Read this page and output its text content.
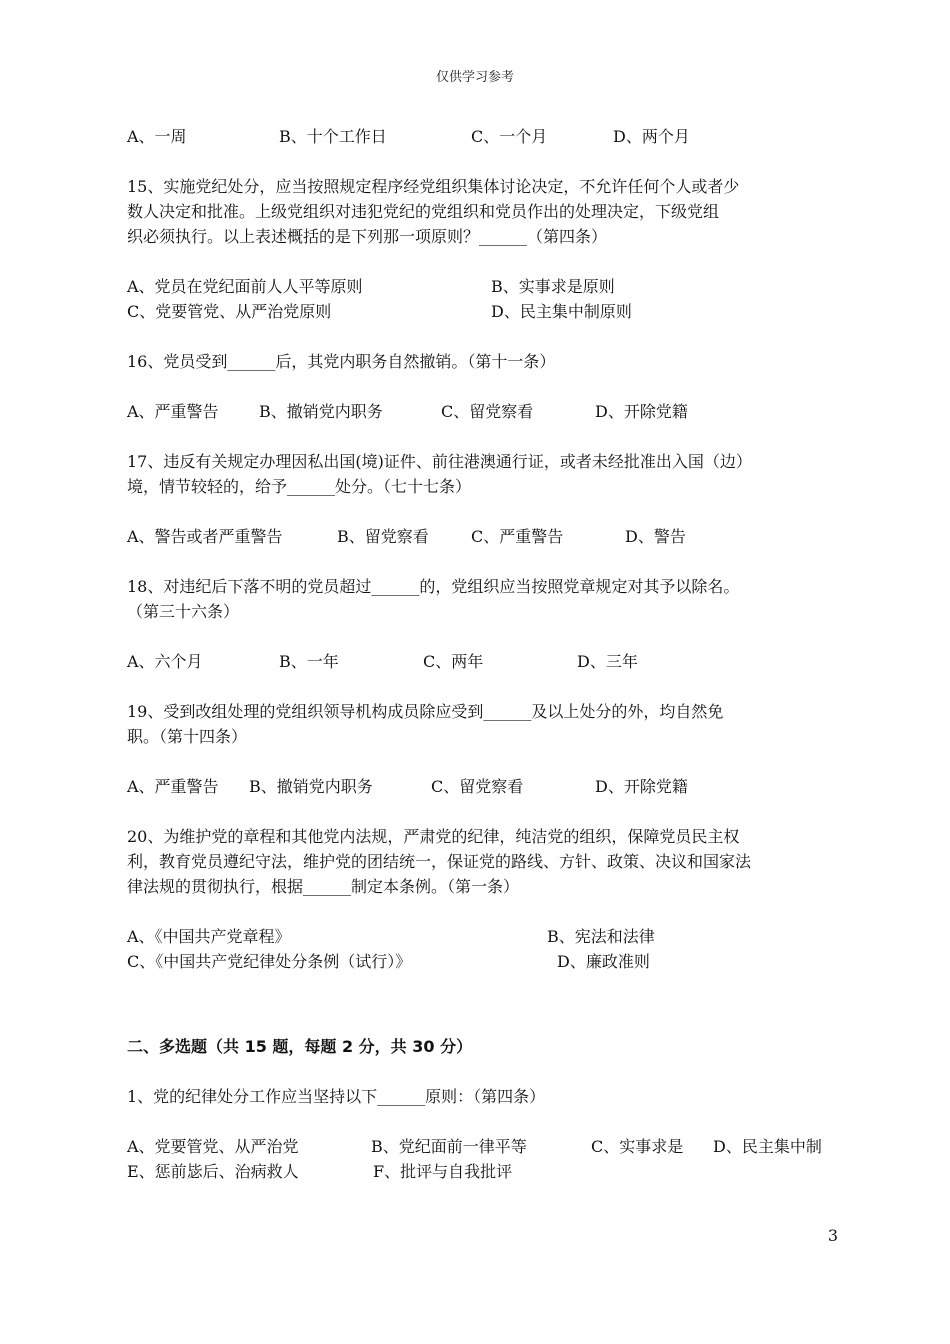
仅供学习参考
A、一周	B、十个工作日	C、一个月	D、两个月
15、实施党纪处分，应当按照规定程序经党组织集体讨论决定，不允许任何个人或者少
数人决定和批准。上级党组织对违犯党纪的党组织和党员作出的处理决定，下级党组
织必须执行。以上表述概括的是下列那一项原则？______（第四条）
A、党员在党纪面前人人平等原则	B、实事求是原则
C、党要管党、从严治党原则	D、民主集中制原则
16、党员受到______后，其党内职务自然撤销。（第十一条）
A、严重警告	B、撤销党内职务	C、留党察看	D、开除党籍
17、违反有关规定办理因私出国(境)证件、前往港澳通行证，或者未经批准出入国（边）
境，情节较轻的，给予______处分。（七十七条）
A、警告或者严重警告	B、留党察看	C、严重警告	D、警告
18、对违纪后下落不明的党员超过______的，党组织应当按照党章规定对其予以除名。
（第三十六条）
A、六个月	B、一年	C、两年	D、三年
19、受到改组处理的党组织领导机构成员除应受到______及以上处分的外，均自然免
职。（第十四条）
A、严重警告 B、撤销党内职务	C、留党察看	D、开除党籍
20、为维护党的章程和其他党内法规，严肃党的纪律，纯洁党的组织，保障党员民主权
利，教育党员遵纪守法，维护党的团结统一，保证党的路线、方针、政策、决议和国家法
律法规的贯彻执行，根据______制定本条例。（第一条）
A、《中国共产党章程》	B、宪法和法律
C、《中国共产党纪律处分条例（试行）》	D、廉政准则
二、多选题（共 15 题，每题 2 分，共 30 分）
1、党的纪律处分工作应当坚持以下______原则：（第四条）
A、党要管党、从严治党	B、党纪面前一律平等	C、实事求是 D、民主集中制
E、惩前毖后、治病救人	F、批评与自我批评
3
